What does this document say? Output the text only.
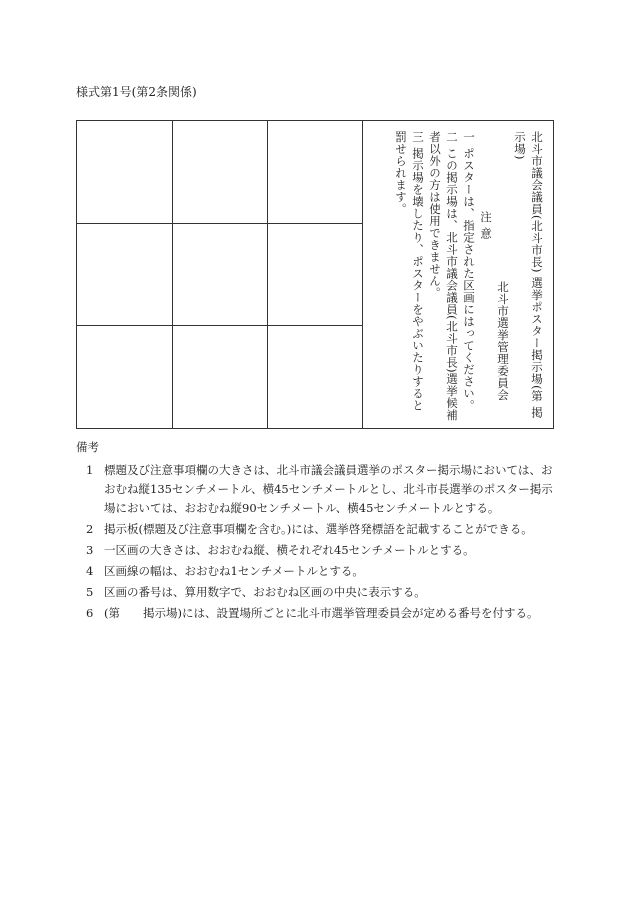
様式第1号(第2条関係)
北斗市議会議員(北斗市長) 選挙ポスター掲示場(第 掲示場)
北斗市選挙管理委員会
注 意
一 ポスターは、指定された区画にはってください。
二 この掲示場は、北斗市議会議員(北斗市長)選挙候補者以外の方は使用できません。
三 掲示場を壊したり、ポスターをやぶいたりすると罰せられます。
備考
1 標題及び注意事項欄の大きさは、北斗市議会議員選挙のポスター掲示場においては、おおむね縦135センチメートル、横45センチメートルとし、北斗市長選挙のポスター掲示場においては、おおむね縦90センチメートル、横45センチメートルとする。
2 掲示板(標題及び注意事項欄を含む。)には、選挙啓発標語を記載することができる。
3 一区画の大きさは、おおむね縦、横それぞれ45センチメートルとする。
4 区画線の幅は、おおむね1センチメートルとする。
5 区画の番号は、算用数字で、おおむね区画の中央に表示する。
6 (第　　掲示場)には、設置場所ごとに北斗市選挙管理委員会が定める番号を付する。
